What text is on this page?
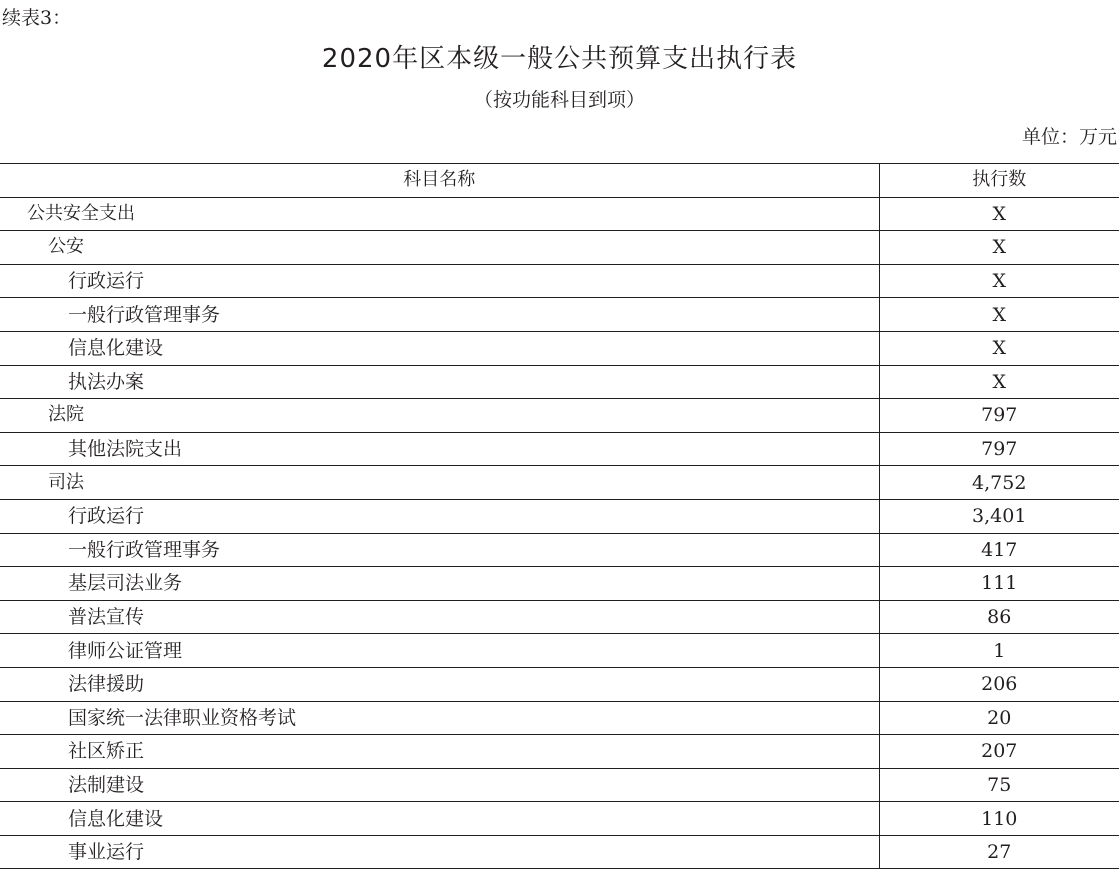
续表3：
2020年区本级一般公共预算支出执行表
（按功能科目到项）
单位：万元
科目名称	执行数
公共安全支出	X
公安	X
行政运行	X
一般行政管理事务	X
信息化建设	X
执法办案	X
法院	797
其他法院支出	797
司法	4,752
行政运行	3,401
一般行政管理事务	417
基层司法业务	111
普法宣传	86
律师公证管理	1
法律援助	206
国家统一法律职业资格考试	20
社区矫正	207
法制建设	75
信息化建设	110
事业运行	27
